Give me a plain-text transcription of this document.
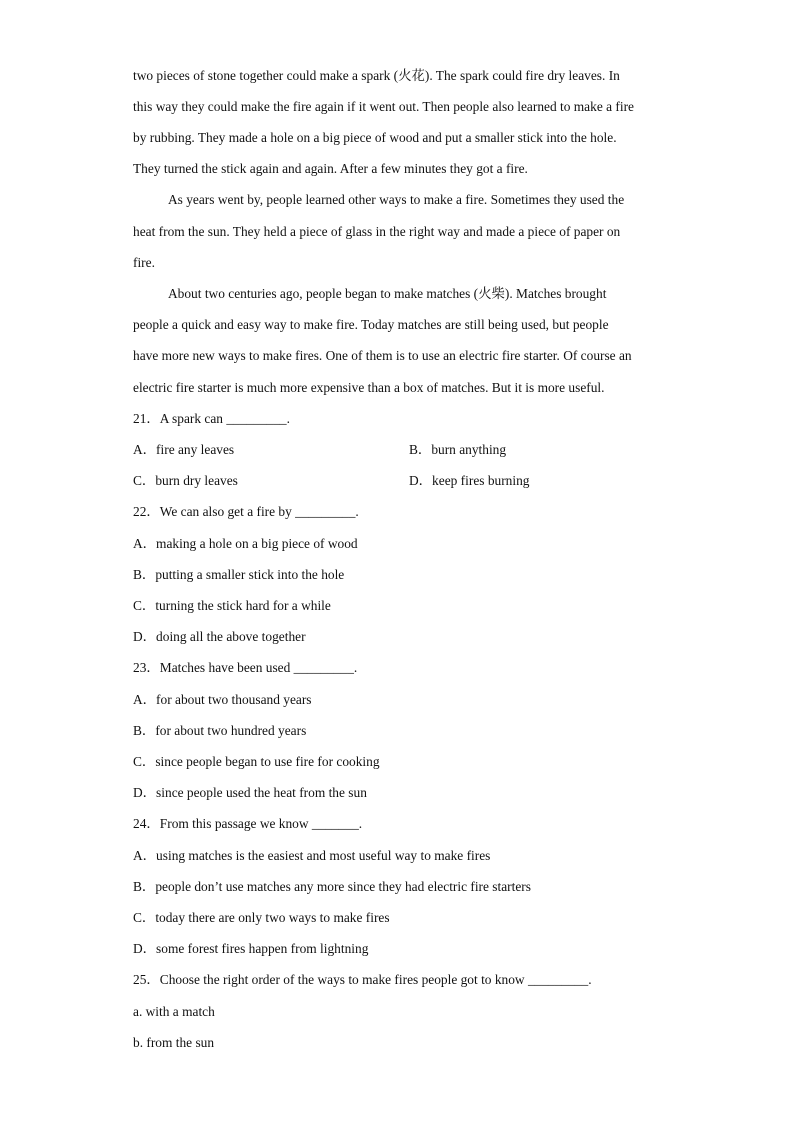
two pieces of stone together could make a spark (火花). The spark could fire dry leaves. In
this way they could make the fire again if it went out. Then people also learned to make a fire
by rubbing. They made a hole on a big piece of wood and put a smaller stick into the hole.
They turned the stick again and again. After a few minutes they got a fire.
As years went by, people learned other ways to make a fire. Sometimes they used the
heat from the sun. They held a piece of glass in the right way and made a piece of paper on
fire.
About two centuries ago, people began to make matches (火柴). Matches brought
people a quick and easy way to make fire. Today matches are still being used, but people
have more new ways to make fires. One of them is to use an electric fire starter. Of course an
electric fire starter is much more expensive than a box of matches. But it is more useful.
21．A spark can _________.
A．fire any leaves	B．burn anything
C．burn dry leaves	D．keep fires burning
22．We can also get a fire by _________.
A．making a hole on a big piece of wood
B．putting a smaller stick into the hole
C．turning the stick hard for a while
D．doing all the above together
23．Matches have been used _________.
A．for about two thousand years
B．for about two hundred years
C．since people began to use fire for cooking
D．since people used the heat from the sun
24．From this passage we know _______.
A．using matches is the easiest and most useful way to make fires
B．people don’t use matches any more since they had electric fire starters
C．today there are only two ways to make fires
D．some forest fires happen from lightning
25．Choose the right order of the ways to make fires people got to know _________.
a. with a match
b. from the sun
